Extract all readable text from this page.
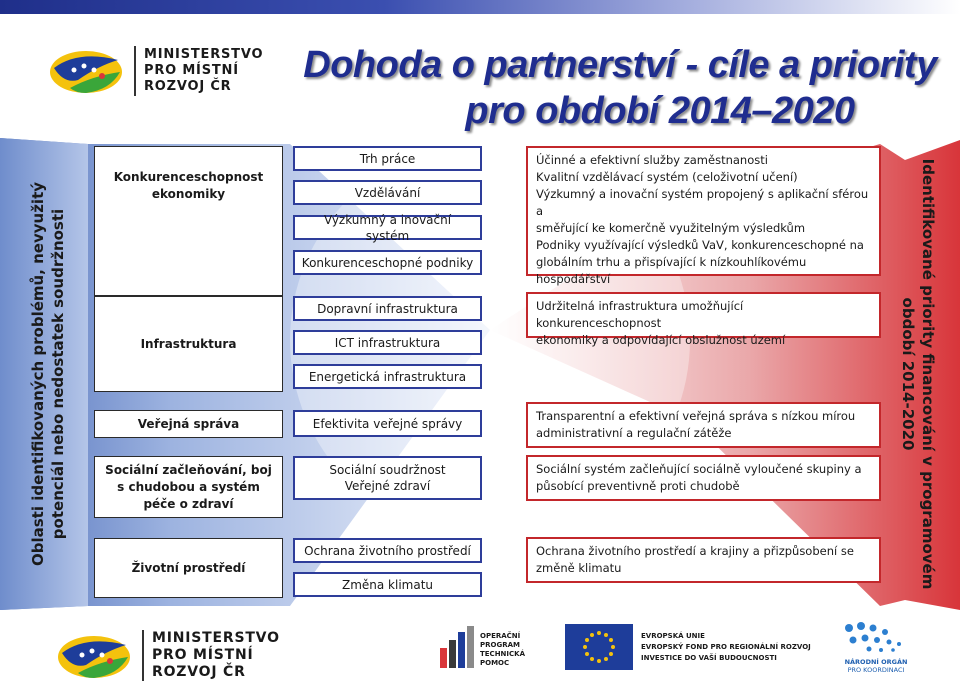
MINISTERSTVO
PRO MÍSTNÍ
ROZVOJ ČR
Dohoda o partnerství - cíle a priority
pro období 2014–2020
Oblasti identifikovaných problémů, nevyužitý potenciál nebo nedostatek soudržnosti	Identifikované priority financování v programovém
období 2014-2020
Konkurenceschopnost ekonomiky
Infrastruktura
Veřejná správa
Sociální začleňování, boj s chudobou a systém péče o zdraví
Životní prostředí
Trh práce
Vzdělávání
Výzkumný a inovační systém
Konkurenceschopné podniky
Dopravní infrastruktura
ICT infrastruktura
Energetická infrastruktura
Efektivita veřejné správy
Sociální soudržnost
Veřejné zdraví
Ochrana životního prostředí
Změna klimatu
Účinné a efektivní služby zaměstnanosti
Kvalitní vzdělávací systém (celoživotní učení)
Výzkumný a inovační systém propojený s aplikační sférou a
směřující ke komerčně využitelným výsledkům
Podniky využívající výsledků VaV, konkurenceschopné na
globálním trhu a přispívající k nízkouhlíkovému
hospodářství
Udržitelná infrastruktura umožňující konkurenceschopnost
ekonomiky a odpovídající obslužnost území
Transparentní a efektivní veřejná správa s nízkou mírou
administrativní a regulační zátěže
Sociální systém začleňující sociálně vyloučené skupiny a
působící preventivně proti chudobě
Ochrana životního prostředí a krajiny a přizpůsobení se
změně klimatu
MINISTERSTVO
PRO MÍSTNÍ
ROZVOJ ČR
OPERAČNÍ
PROGRAM
TECHNICKÁ
POMOC
EVROPSKÁ UNIE
EVROPSKÝ FOND PRO REGIONÁLNÍ ROZVOJ
INVESTICE DO VAŠÍ BUDOUCNOSTI
NÁRODNÍ ORGÁN
PRO KOORDINACI
